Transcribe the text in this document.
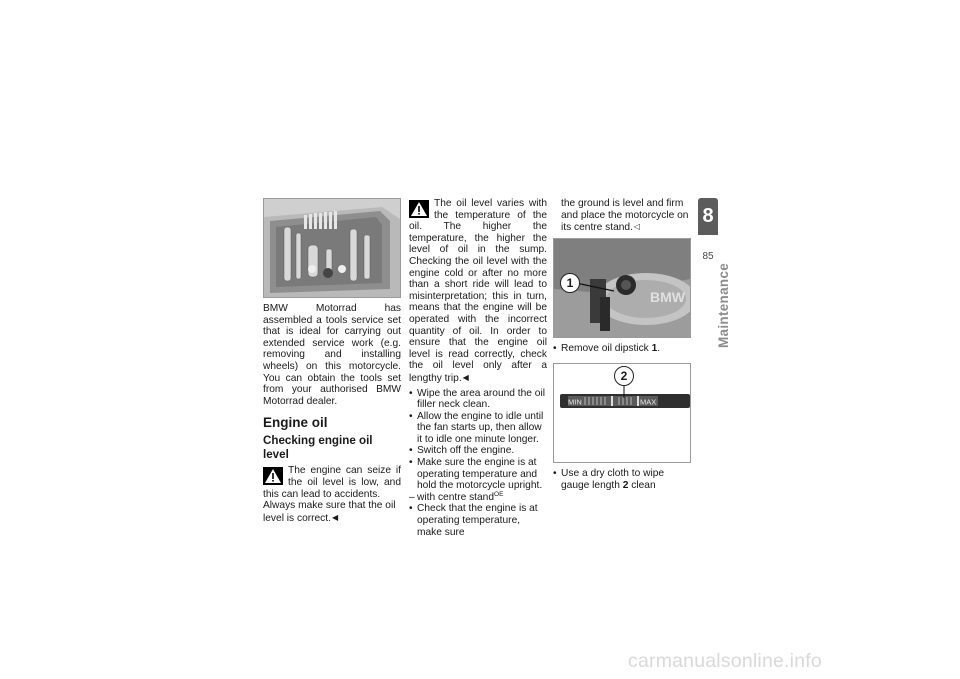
BMW Motorrad has assembled a tools service set that is ideal for carrying out extended service work (e.g. removing and installing wheels) on this motorcycle. You can obtain the tools set from your authorised BMW Motorrad dealer.

Engine oil
Checking engine oil level

The engine can seize if the oil level is low, and this can lead to accidents.

Always make sure that the oil level is correct. ◀

The oil level varies with the temperature of the oil. The higher the temperature, the higher the level of oil in the sump. Checking the oil level with the engine cold or after no more than a short ride will lead to misinterpretation; this in turn, means that the engine will be operated with the incorrect quantity of oil. In order to ensure that the engine oil level is read correctly, check the oil level only after a lengthy trip. ◀

• Wipe the area around the oil filler neck clean.
• Allow the engine to idle until the fan starts up, then allow it to idle one minute longer.
• Switch off the engine.
• Make sure the engine is at operating temperature and hold the motorcycle upright.
– with centre stand$^{OE}$
• Check that the engine is at operating temperature, make sure

the ground is level and firm and place the motorcycle on its centre stand. ◁

BMW
1
• Remove oil dipstick 1.
MIN	MAX
2
• Use a dry cloth to wipe gauge length 2 clean
8
85
Maintenance
carmanualsonline.info
